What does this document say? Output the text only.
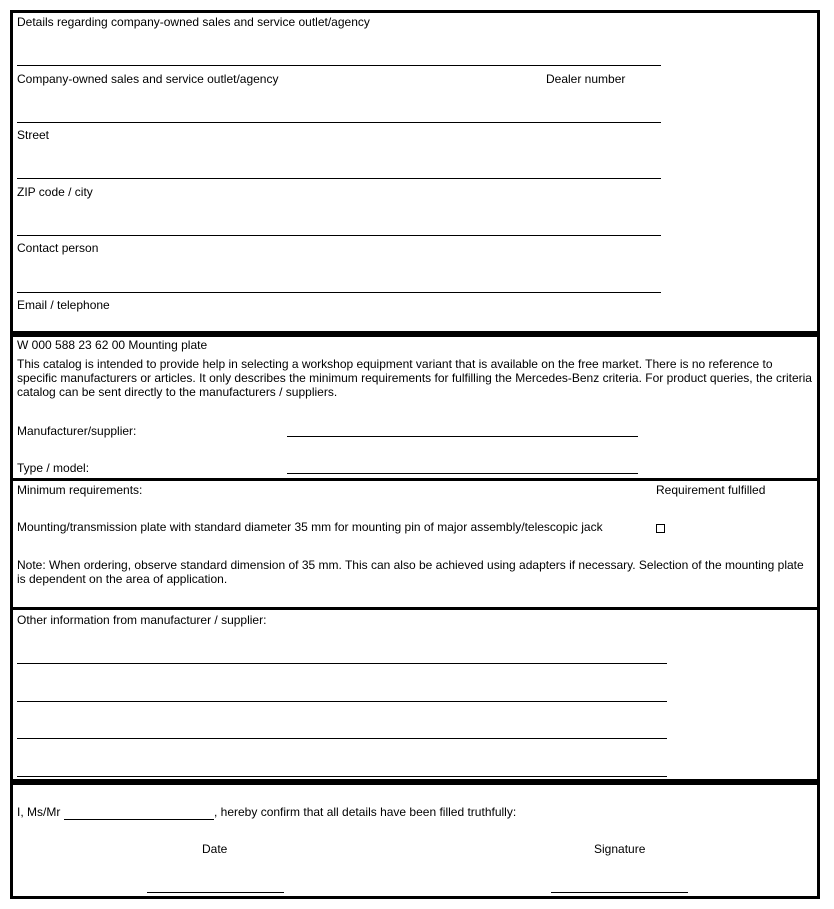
Details regarding company-owned sales and service outlet/agency
Company-owned sales and service outlet/agency	Dealer number
Street
ZIP code / city
Contact person
Email / telephone
W 000 588 23 62 00 Mounting plate
This catalog is intended to provide help in selecting a workshop equipment variant that is available on the free market. There is no reference to specific manufacturers or articles. It only describes the minimum requirements for fulfilling the Mercedes-Benz criteria. For product queries, the criteria catalog can be sent directly to the manufacturers / suppliers.
Manufacturer/supplier:
Type / model:
Minimum requirements:	Requirement fulfilled
Mounting/transmission plate with standard diameter 35 mm for mounting pin of major assembly/telescopic jack
Note: When ordering, observe standard dimension of 35 mm. This can also be achieved using adapters if necessary. Selection of the mounting plate is dependent on the area of application.
Other information from manufacturer / supplier:
I, Ms/Mr	, hereby confirm that all details have been filled truthfully:
Date	Signature
